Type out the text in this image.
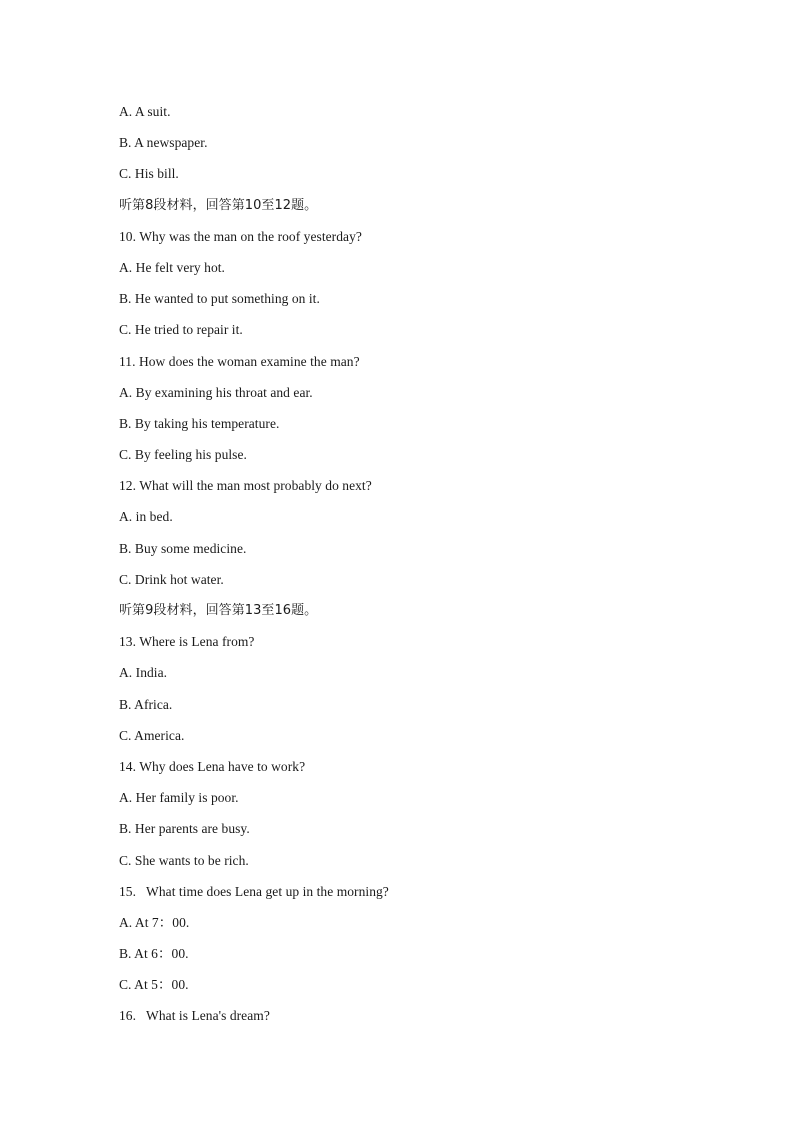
A. A suit.
B. A newspaper.
C. His bill.
听第8段材料，回答第10至12题。
10. Why was the man on the roof yesterday?
A. He felt very hot.
B. He wanted to put something on it.
C. He tried to repair it.
11. How does the woman examine the man?
A. By examining his throat and ear.
B. By taking his temperature.
C. By feeling his pulse.
12. What will the man most probably do next?
A. in bed.
B. Buy some medicine.
C. Drink hot water.
听第9段材料，回答第13至16题。
13. Where is Lena from?
A. India.
B. Africa.
C. America.
14. Why does Lena have to work?
A. Her family is poor.
B. Her parents are busy.
C. She wants to be rich.
15.   What time does Lena get up in the morning?
A. At 7：00.
B. At 6：00.
C. At 5：00.
16.   What is Lena's dream?
